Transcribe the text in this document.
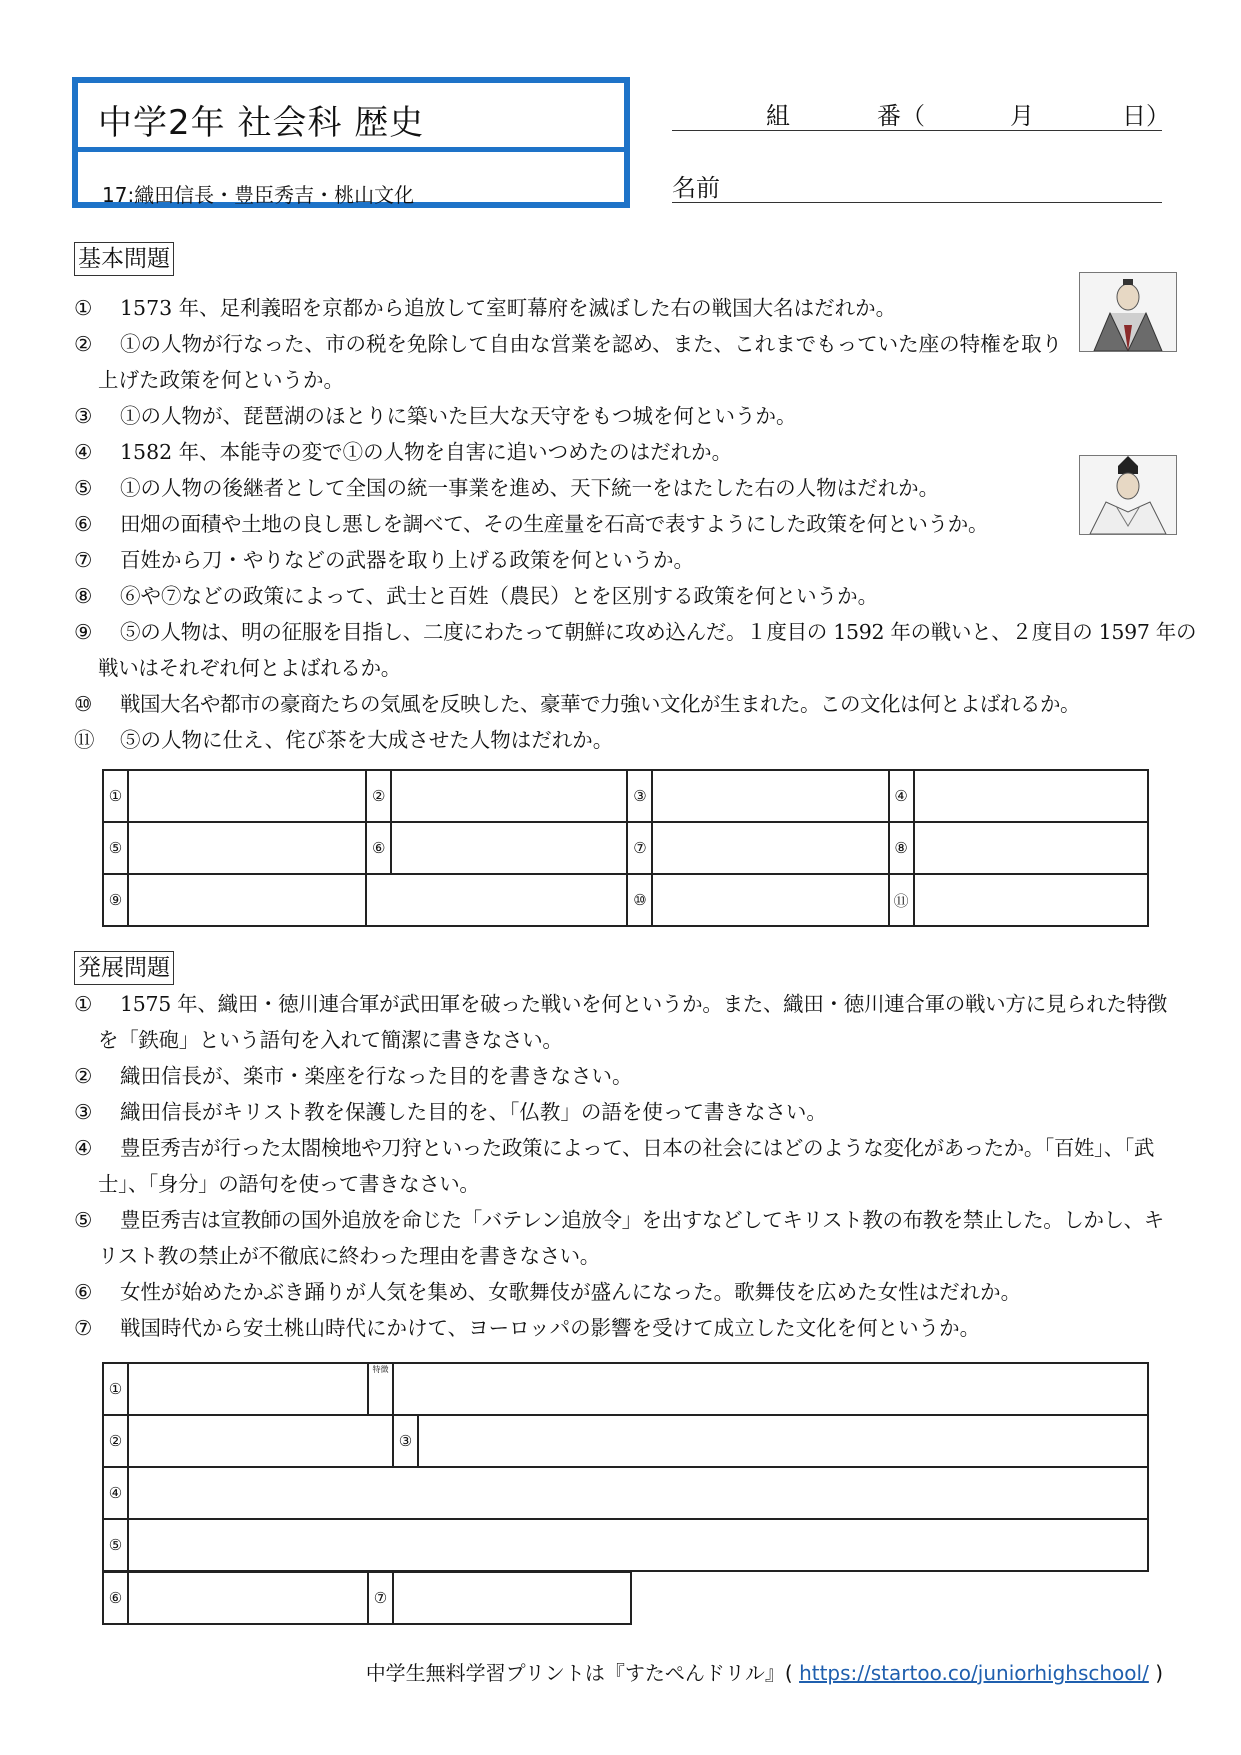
中学2年 社会科 歴史
17:織田信長・豊臣秀吉・桃山文化
組	番（	月	日）
名前
基本問題
① 1573 年、足利義昭を京都から追放して室町幕府を滅ぼした右の戦国大名はだれか。
② ①の人物が行なった、市の税を免除して自由な営業を認め、また、これまでもっていた座の特権を取り上げた政策を何というか。
③ ①の人物が、琵琶湖のほとりに築いた巨大な天守をもつ城を何というか。
④ 1582 年、本能寺の変で①の人物を自害に追いつめたのはだれか。
⑤ ①の人物の後継者として全国の統一事業を進め、天下統一をはたした右の人物はだれか。
⑥ 田畑の面積や土地の良し悪しを調べて、その生産量を石高で表すようにした政策を何というか。
⑦ 百姓から刀・やりなどの武器を取り上げる政策を何というか。
⑧ ⑥や⑦などの政策によって、武士と百姓（農民）とを区別する政策を何というか。
⑨ ⑤の人物は、明の征服を目指し、二度にわたって朝鮮に攻め込んだ。１度目の 1592 年の戦いと、２度目の 1597 年の戦いはそれぞれ何とよばれるか。
⑩ 戦国大名や都市の豪商たちの気風を反映した、豪華で力強い文化が生まれた。この文化は何とよばれるか。
⑪ ⑤の人物に仕え、侘び茶を大成させた人物はだれか。
①		②		③		④	
⑤		⑥		⑦		⑧	
⑨				⑩		⑪	
発展問題
① 1575 年、織田・徳川連合軍が武田軍を破った戦いを何というか。また、織田・徳川連合軍の戦い方に見られた特徴を「鉄砲」という語句を入れて簡潔に書きなさい。
② 織田信長が、楽市・楽座を行なった目的を書きなさい。
③ 織田信長がキリスト教を保護した目的を、「仏教」の語を使って書きなさい。
④ 豊臣秀吉が行った太閤検地や刀狩といった政策によって、日本の社会にはどのような変化があったか。「百姓」、「武士」、「身分」の語句を使って書きなさい。
⑤ 豊臣秀吉は宣教師の国外追放を命じた「バテレン追放令」を出すなどしてキリスト教の布教を禁止した。しかし、キリスト教の禁止が不徹底に終わった理由を書きなさい。
⑥ 女性が始めたかぶき踊りが人気を集め、女歌舞伎が盛んになった。歌舞伎を広めた女性はだれか。
⑦ 戦国時代から安土桃山時代にかけて、ヨーロッパの影響を受けて成立した文化を何というか。
①		特徴		
②			③	
④				
⑤				
⑥		⑦	
中学生無料学習プリントは『すたぺんドリル』( https://startoo.co/juniorhighschool/ )
